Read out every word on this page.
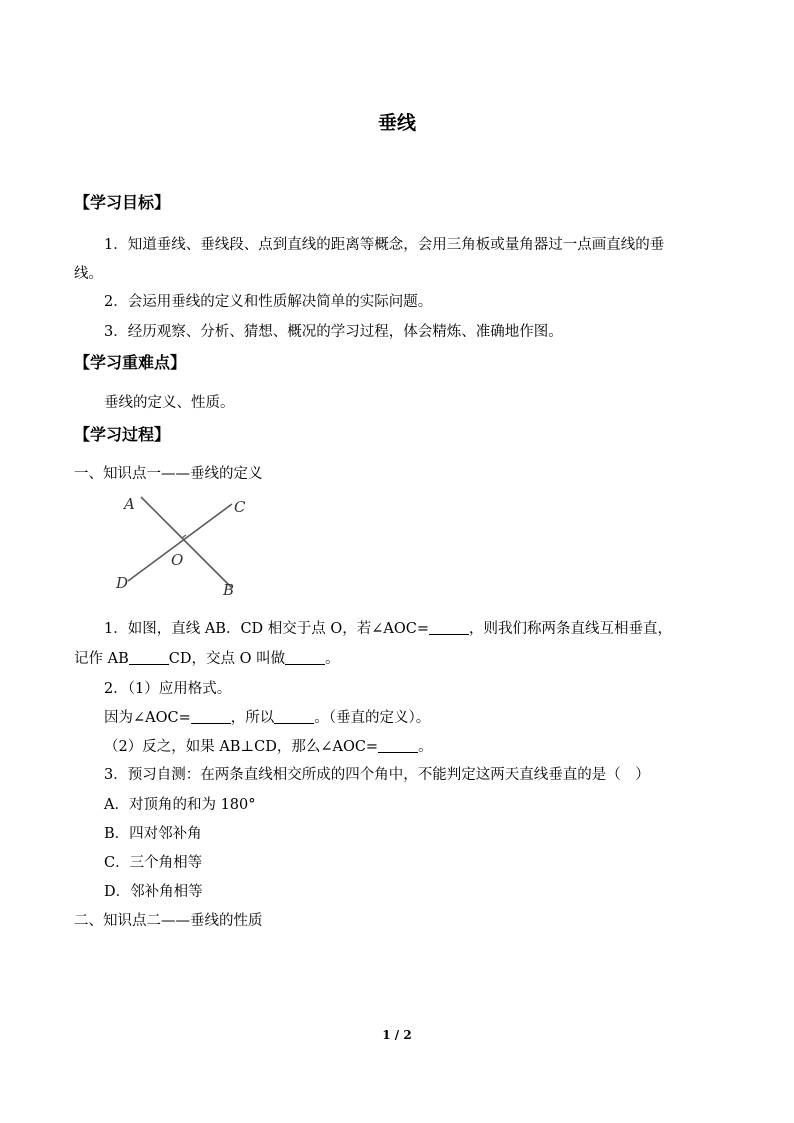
垂线
【学习目标】
1．知道垂线、垂线段、点到直线的距离等概念，会用三角板或量角器过一点画直线的垂
线。
2．会运用垂线的定义和性质解决简单的实际问题。
3．经历观察、分析、猜想、概况的学习过程，体会精炼、准确地作图。
【学习重难点】
垂线的定义、性质。
【学习过程】
一、知识点一——垂线的定义
A	C
O
D	B
1．如图，直线 AB．CD 相交于点 O，若∠AOC=	，则我们称两条直线互相垂直，
记作 AB	CD，交点 O 叫做	。
2．（1）应用格式。
因为∠AOC=	，所以	。（垂直的定义）。
（2）反之，如果 AB⊥CD，那么∠AOC=	。
3．预习自测：在两条直线相交所成的四个角中，不能判定这两天直线垂直的是（　）
A．对顶角的和为 180°
B．四对邻补角
C．三个角相等
D．邻补角相等
二、知识点二——垂线的性质
1 / 2
